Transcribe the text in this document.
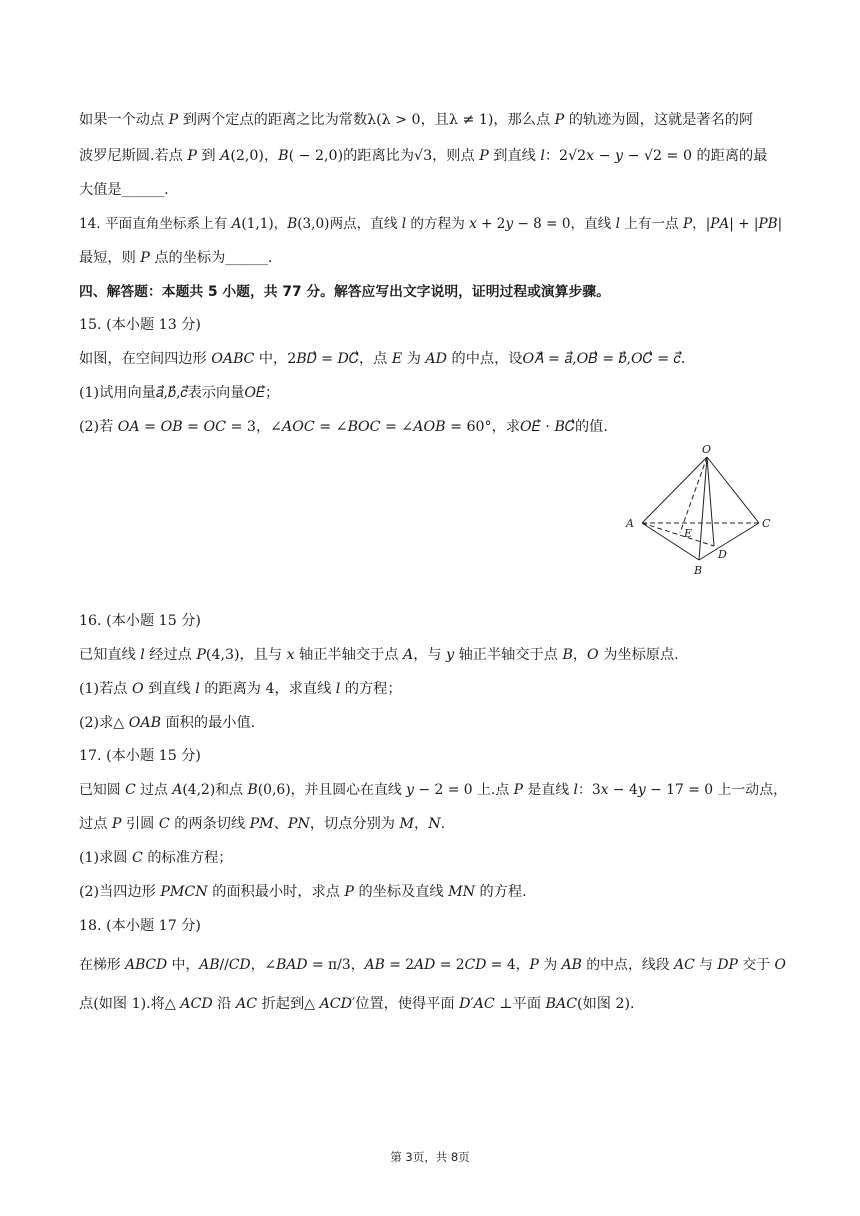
如果一个动点 𝑃 到两个定点的距离之比为常数λ(λ > 0，且λ ≠ 1)，那么点 𝑃 的轨迹为圆，这就是著名的阿
波罗尼斯圆.若点 𝑃 到 𝐴(2,0)，𝐵( − 2,0)的距离比为√3，则点 𝑃 到直线 𝑙：2√2𝑥 − 𝑦 − √2 = 0 的距离的最
大值是______.
14. 平面直角坐标系上有 𝐴(1,1)，𝐵(3,0)两点，直线 𝑙 的方程为 𝑥 + 2𝑦 − 8 = 0，直线 𝑙 上有一点 𝑃，|𝑃𝐴| + |𝑃𝐵|
最短，则 𝑃 点的坐标为______.
四、解答题：本题共 5 小题，共 77 分。解答应写出文字说明，证明过程或演算步骤。
15. (本小题 13 分)
如图，在空间四边形 𝑂𝐴𝐵𝐶 中，2𝐵𝐷⃗ = 𝐷𝐶⃗，点 𝐸 为 𝐴𝐷 的中点，设𝑂𝐴⃗ = 𝑎⃗,𝑂𝐵⃗ = 𝑏⃗,𝑂𝐶⃗ = 𝑐⃗.
(1)试用向量𝑎⃗,𝑏⃗,𝑐⃗表示向量𝑂𝐸⃗；
(2)若 𝑂𝐴 = 𝑂𝐵 = 𝑂𝐶 = 3，∠𝐴𝑂𝐶 = ∠𝐵𝑂𝐶 = ∠𝐴𝑂𝐵 = 60°，求𝑂𝐸⃗ ⋅ 𝐵𝐶⃗的值.
O
A	C
E
D
B
16. (本小题 15 分)
已知直线 𝑙 经过点 𝑃(4,3)，且与 𝑥 轴正半轴交于点 𝐴，与 𝑦 轴正半轴交于点 𝐵，𝑂 为坐标原点.
(1)若点 𝑂 到直线 𝑙 的距离为 4，求直线 𝑙 的方程；
(2)求△ 𝑂𝐴𝐵 面积的最小值.
17. (本小题 15 分)
已知圆 𝐶 过点 𝐴(4,2)和点 𝐵(0,6)，并且圆心在直线 𝑦 − 2 = 0 上.点 𝑃 是直线 𝑙：3𝑥 − 4𝑦 − 17 = 0 上一动点，
过点 𝑃 引圆 𝐶 的两条切线 𝑃𝑀、𝑃𝑁，切点分别为 𝑀，𝑁.
(1)求圆 𝐶 的标准方程；
(2)当四边形 𝑃𝑀𝐶𝑁 的面积最小时，求点 𝑃 的坐标及直线 𝑀𝑁 的方程.
18. (本小题 17 分)
在梯形 𝐴𝐵𝐶𝐷 中，𝐴𝐵//𝐶𝐷，∠𝐵𝐴𝐷 = π/3，𝐴𝐵 = 2𝐴𝐷 = 2𝐶𝐷 = 4，𝑃 为 𝐴𝐵 的中点，线段 𝐴𝐶 与 𝐷𝑃 交于 𝑂
点(如图 1).将△ 𝐴𝐶𝐷 沿 𝐴𝐶 折起到△ 𝐴𝐶𝐷′位置，使得平面 𝐷′𝐴𝐶 ⊥平面 𝐵𝐴𝐶(如图 2).
第 3页，共 8页
